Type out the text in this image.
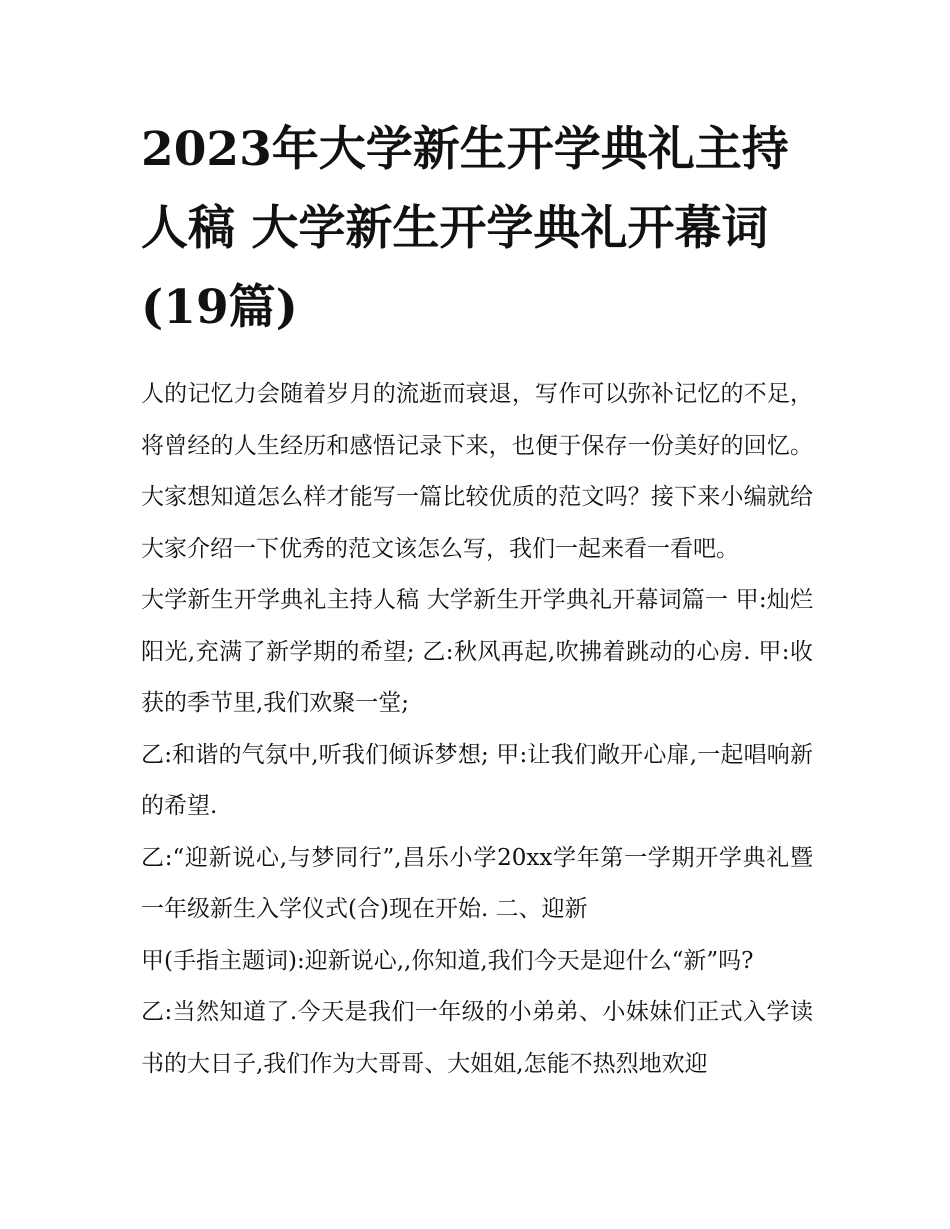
2023年大学新生开学典礼主持人稿 大学新生开学典礼开幕词(19篇)

人的记忆力会随着岁月的流逝而衰退，写作可以弥补记忆的不足，将曾经的人生经历和感悟记录下来，也便于保存一份美好的回忆。大家想知道怎么样才能写一篇比较优质的范文吗？接下来小编就给大家介绍一下优秀的范文该怎么写，我们一起来看一看吧。

大学新生开学典礼主持人稿 大学新生开学典礼开幕词篇一 甲:灿烂阳光,充满了新学期的希望; 乙:秋风再起,吹拂着跳动的心房. 甲:收获的季节里,我们欢聚一堂;

乙:和谐的气氛中,听我们倾诉梦想; 甲:让我们敞开心扉,一起唱响新的希望.

乙:“迎新说心,与梦同行”,昌乐小学20xx学年第一学期开学典礼暨一年级新生入学仪式(合)现在开始. 二、迎新

甲(手指主题词):迎新说心,,你知道,我们今天是迎什么“新”吗?

乙:当然知道了.今天是我们一年级的小弟弟、小妹妹们正式入学读书的大日子,我们作为大哥哥、大姐姐,怎能不热烈地欢迎
